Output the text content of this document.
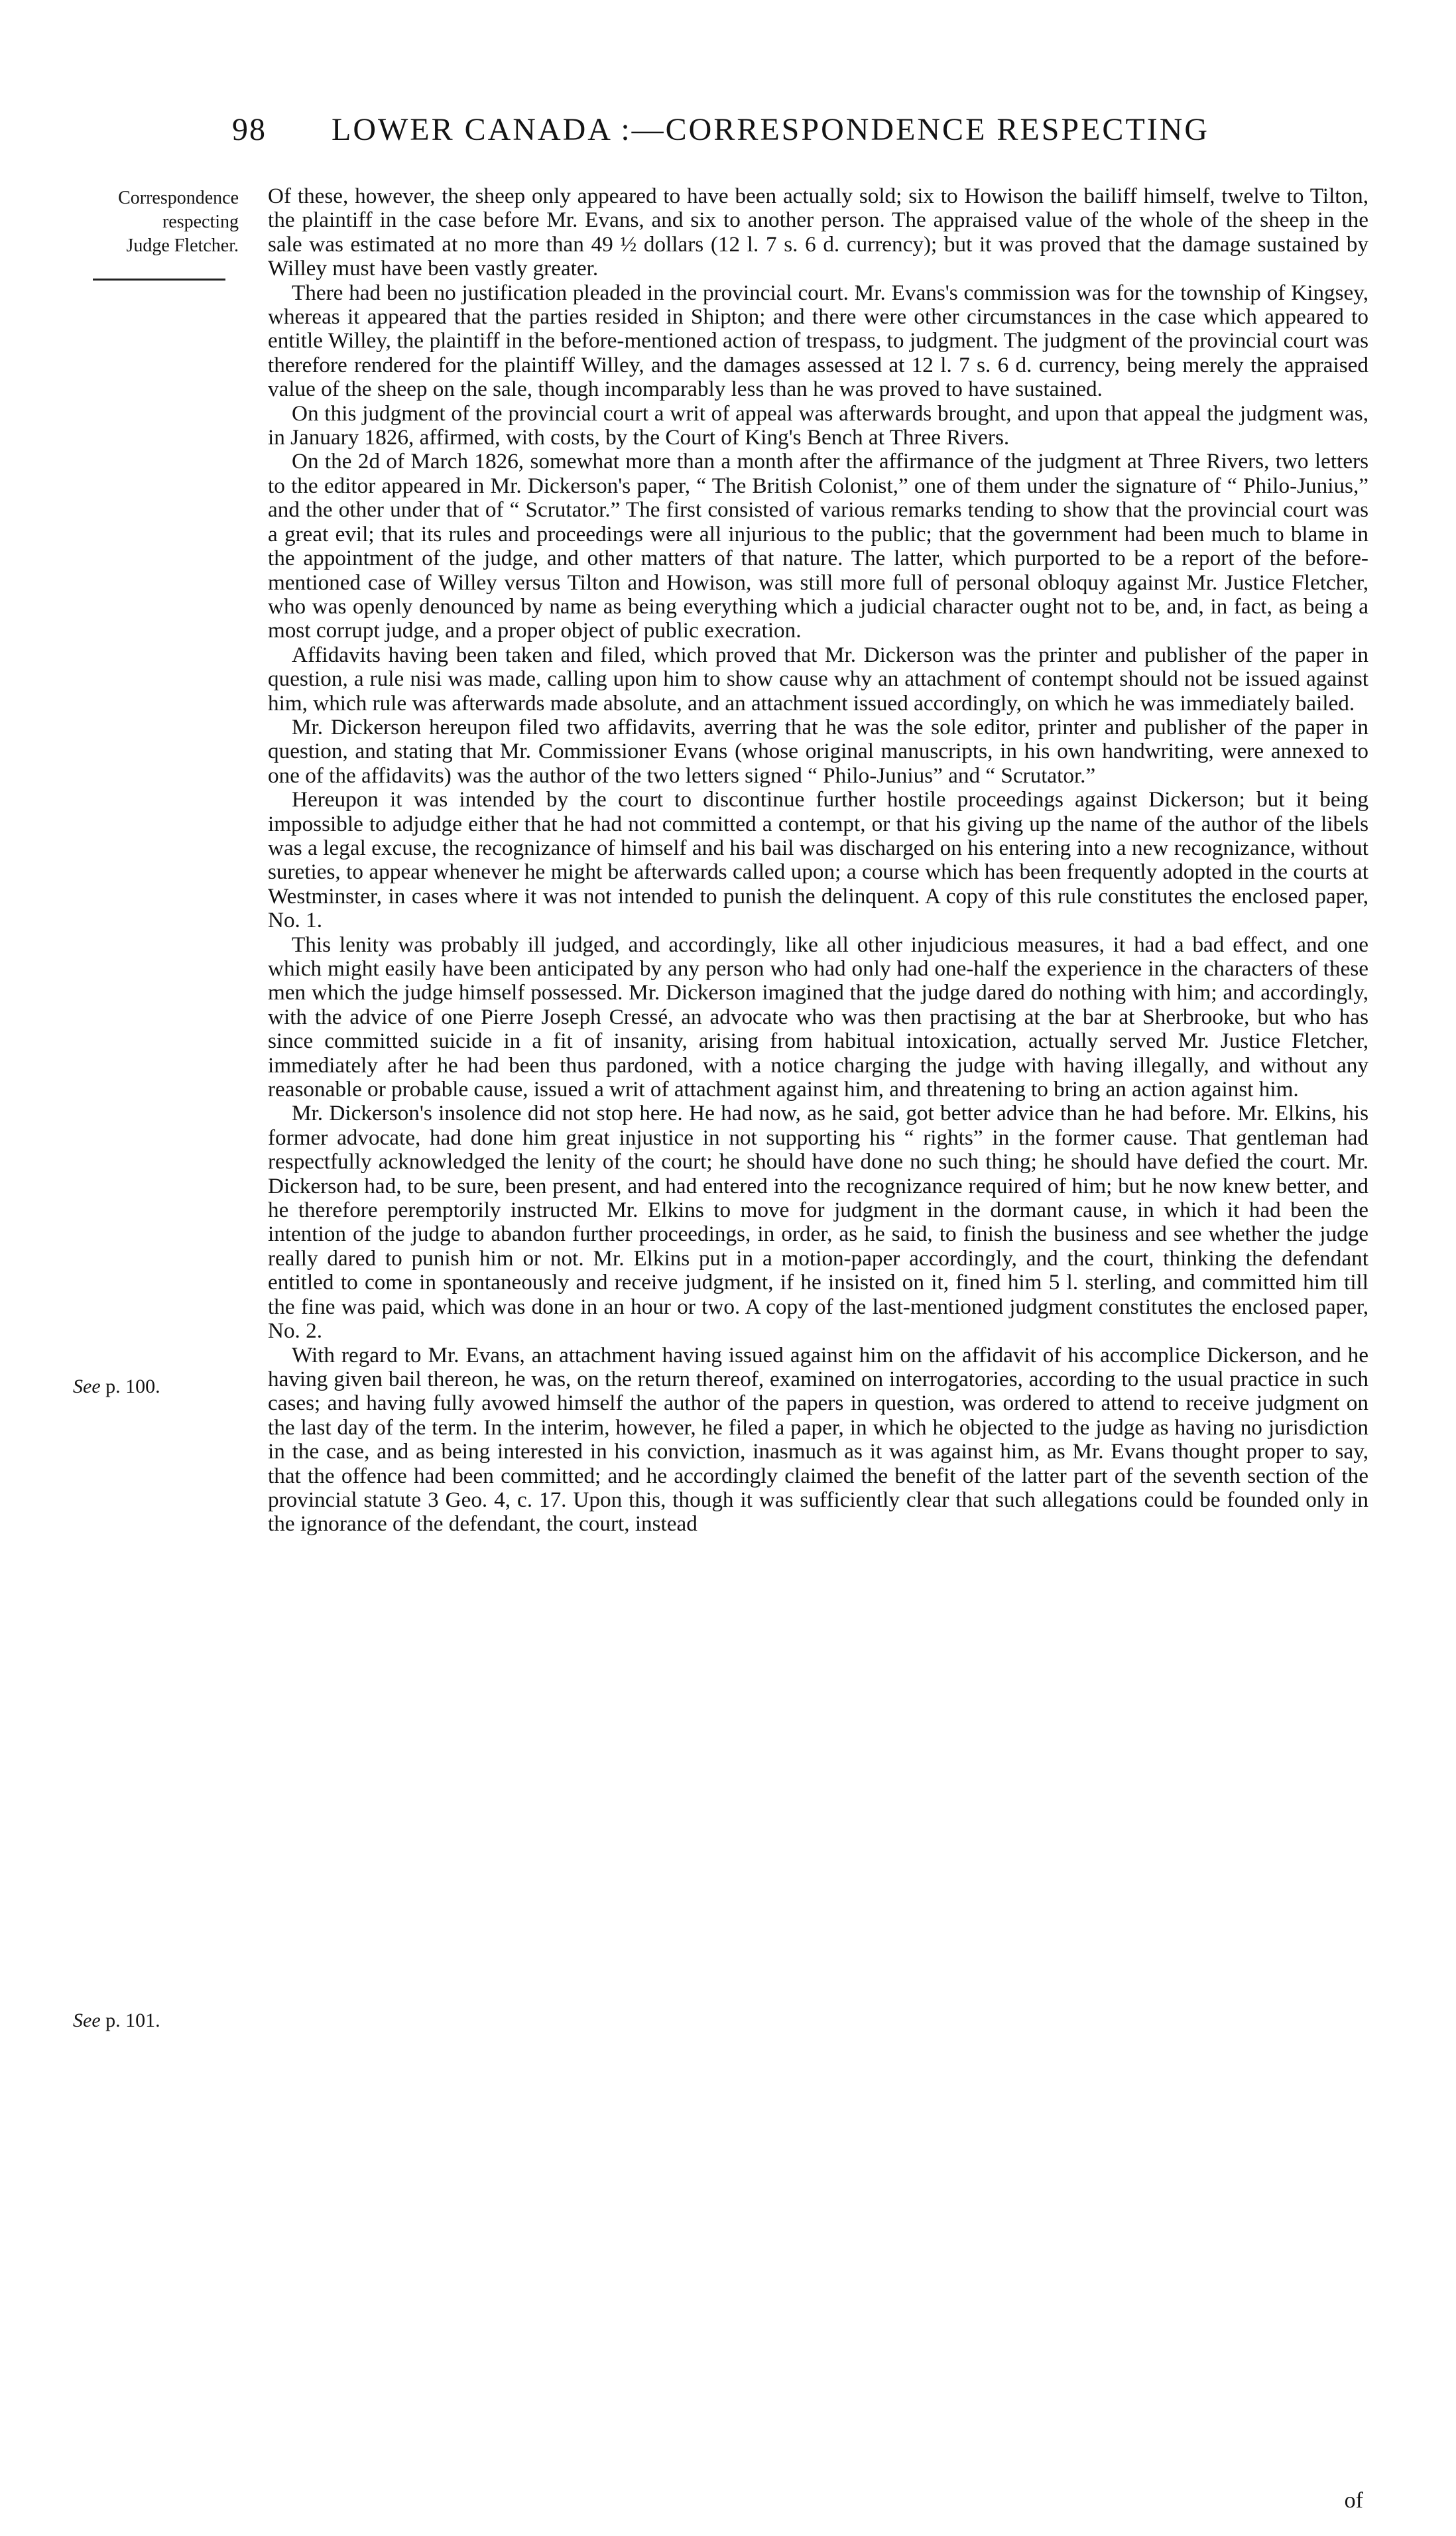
98 LOWER CANADA :—CORRESPONDENCE RESPECTING
Correspondence
respecting
Judge Fletcher.
See p. 100.
See p. 101.

Of these, however, the sheep only appeared to have been actually sold; six to Howison the bailiff himself, twelve to Tilton, the plaintiff in the case before Mr. Evans, and six to another person. The appraised value of the whole of the sheep in the sale was estimated at no more than 49 ½ dollars (12 l. 7 s. 6 d. currency); but it was proved that the damage sustained by Willey must have been vastly greater.

There had been no justification pleaded in the provincial court. Mr. Evans's commission was for the township of Kingsey, whereas it appeared that the parties resided in Shipton; and there were other circumstances in the case which appeared to entitle Willey, the plaintiff in the before-mentioned action of trespass, to judgment. The judgment of the provincial court was therefore rendered for the plaintiff Willey, and the damages assessed at 12 l. 7 s. 6 d. currency, being merely the appraised value of the sheep on the sale, though incomparably less than he was proved to have sustained.

On this judgment of the provincial court a writ of appeal was afterwards brought, and upon that appeal the judgment was, in January 1826, affirmed, with costs, by the Court of King's Bench at Three Rivers.

On the 2d of March 1826, somewhat more than a month after the affirmance of the judgment at Three Rivers, two letters to the editor appeared in Mr. Dickerson's paper, “ The British Colonist,” one of them under the signature of “ Philo-Junius,” and the other under that of “ Scrutator.” The first consisted of various remarks tending to show that the provincial court was a great evil; that its rules and proceedings were all injurious to the public; that the government had been much to blame in the appointment of the judge, and other matters of that nature. The latter, which purported to be a report of the before-mentioned case of Willey versus Tilton and Howison, was still more full of personal obloquy against Mr. Justice Fletcher, who was openly denounced by name as being everything which a judicial character ought not to be, and, in fact, as being a most corrupt judge, and a proper object of public execration.

Affidavits having been taken and filed, which proved that Mr. Dickerson was the printer and publisher of the paper in question, a rule nisi was made, calling upon him to show cause why an attachment of contempt should not be issued against him, which rule was afterwards made absolute, and an attachment issued accordingly, on which he was immediately bailed.

Mr. Dickerson hereupon filed two affidavits, averring that he was the sole editor, printer and publisher of the paper in question, and stating that Mr. Commissioner Evans (whose original manuscripts, in his own handwriting, were annexed to one of the affidavits) was the author of the two letters signed “ Philo-Junius” and “ Scrutator.”

Hereupon it was intended by the court to discontinue further hostile proceedings against Dickerson; but it being impossible to adjudge either that he had not committed a contempt, or that his giving up the name of the author of the libels was a legal excuse, the recognizance of himself and his bail was discharged on his entering into a new recognizance, without sureties, to appear whenever he might be afterwards called upon; a course which has been frequently adopted in the courts at Westminster, in cases where it was not intended to punish the delinquent. A copy of this rule constitutes the enclosed paper, No. 1.

This lenity was probably ill judged, and accordingly, like all other injudicious measures, it had a bad effect, and one which might easily have been anticipated by any person who had only had one-half the experience in the characters of these men which the judge himself possessed. Mr. Dickerson imagined that the judge dared do nothing with him; and accordingly, with the advice of one Pierre Joseph Cressé, an advocate who was then practising at the bar at Sherbrooke, but who has since committed suicide in a fit of insanity, arising from habitual intoxication, actually served Mr. Justice Fletcher, immediately after he had been thus pardoned, with a notice charging the judge with having illegally, and without any reasonable or probable cause, issued a writ of attachment against him, and threatening to bring an action against him.

Mr. Dickerson's insolence did not stop here. He had now, as he said, got better advice than he had before. Mr. Elkins, his former advocate, had done him great injustice in not supporting his “ rights” in the former cause. That gentleman had respectfully acknowledged the lenity of the court; he should have done no such thing; he should have defied the court. Mr. Dickerson had, to be sure, been present, and had entered into the recognizance required of him; but he now knew better, and he therefore peremptorily instructed Mr. Elkins to move for judgment in the dormant cause, in which it had been the intention of the judge to abandon further proceedings, in order, as he said, to finish the business and see whether the judge really dared to punish him or not. Mr. Elkins put in a motion-paper accordingly, and the court, thinking the defendant entitled to come in spontaneously and receive judgment, if he insisted on it, fined him 5 l. sterling, and committed him till the fine was paid, which was done in an hour or two. A copy of the last-mentioned judgment constitutes the enclosed paper, No. 2.

With regard to Mr. Evans, an attachment having issued against him on the affidavit of his accomplice Dickerson, and he having given bail thereon, he was, on the return thereof, examined on interrogatories, according to the usual practice in such cases; and having fully avowed himself the author of the papers in question, was ordered to attend to receive judgment on the last day of the term. In the interim, however, he filed a paper, in which he objected to the judge as having no jurisdiction in the case, and as being interested in his conviction, inasmuch as it was against him, as Mr. Evans thought proper to say, that the offence had been committed; and he accordingly claimed the benefit of the latter part of the seventh section of the provincial statute 3 Geo. 4, c. 17. Upon this, though it was sufficiently clear that such allegations could be founded only in the ignorance of the defendant, the court, instead

of
